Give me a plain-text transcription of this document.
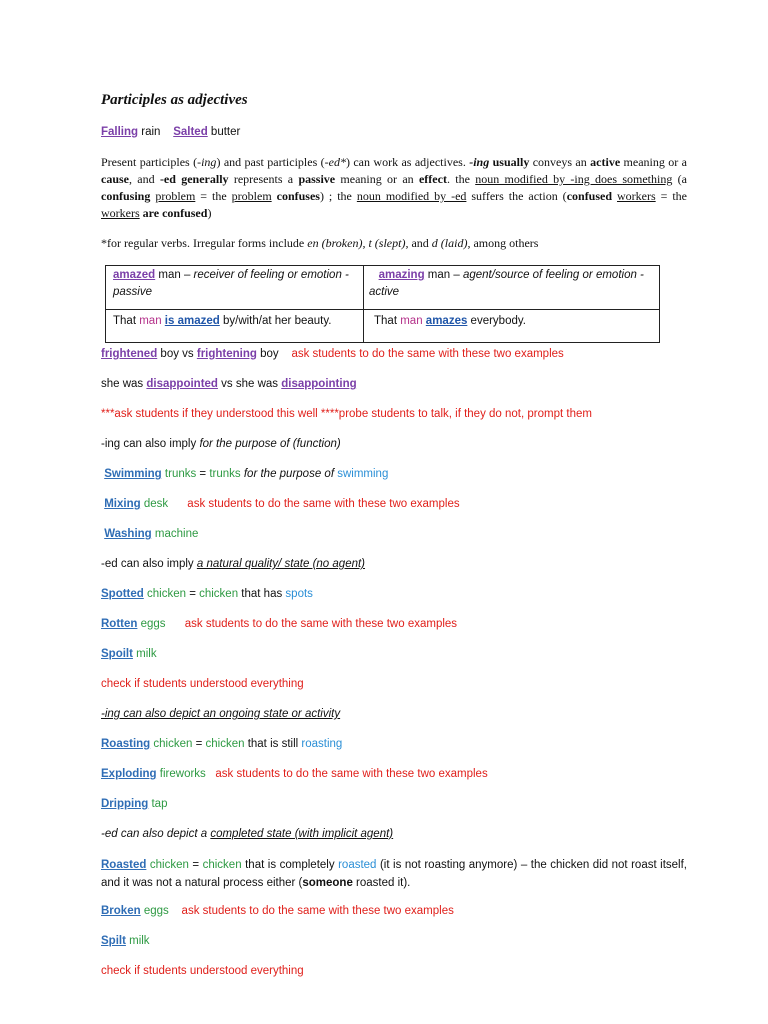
Participles as adjectives
Falling rain Salted butter
Present participles (-ing) and past participles (-ed*) can work as adjectives. -ing usually conveys an active meaning or a cause, and -ed generally represents a passive meaning or an effect. the noun modified by -ing does something (a confusing problem = the problem confuses) ; the noun modified by -ed suffers the action (confused workers = the workers are confused)
*for regular verbs. Irregular forms include en (broken), t (slept), and d (laid), among others
amazed man – receiver of feeling or emotion - passive
amazing man – agent/source of feeling or emotion - active
That man is amazed by/with/at her beauty.	That man amazes everybody.
frightened boy vs frightening boy ask students to do the same with these two examples
she was disappointed vs she was disappointing
***ask students if they understood this well ****probe students to talk, if they do not, prompt them
-ing can also imply for the purpose of (function)
Swimming trunks = trunks for the purpose of swimming
Mixing desk ask students to do the same with these two examples
Washing machine
-ed can also imply a natural quality/ state (no agent)
Spotted chicken = chicken that has spots
Rotten eggs ask students to do the same with these two examples
Spoilt milk
check if students understood everything
-ing can also depict an ongoing state or activity
Roasting chicken = chicken that is still roasting
Exploding fireworks ask students to do the same with these two examples
Dripping tap
-ed can also depict a completed state (with implicit agent)
Roasted chicken = chicken that is completely roasted (it is not roasting anymore) – the chicken did not roast itself, and it was not a natural process either (someone roasted it).
Broken eggs ask students to do the same with these two examples
Spilt milk
check if students understood everything
